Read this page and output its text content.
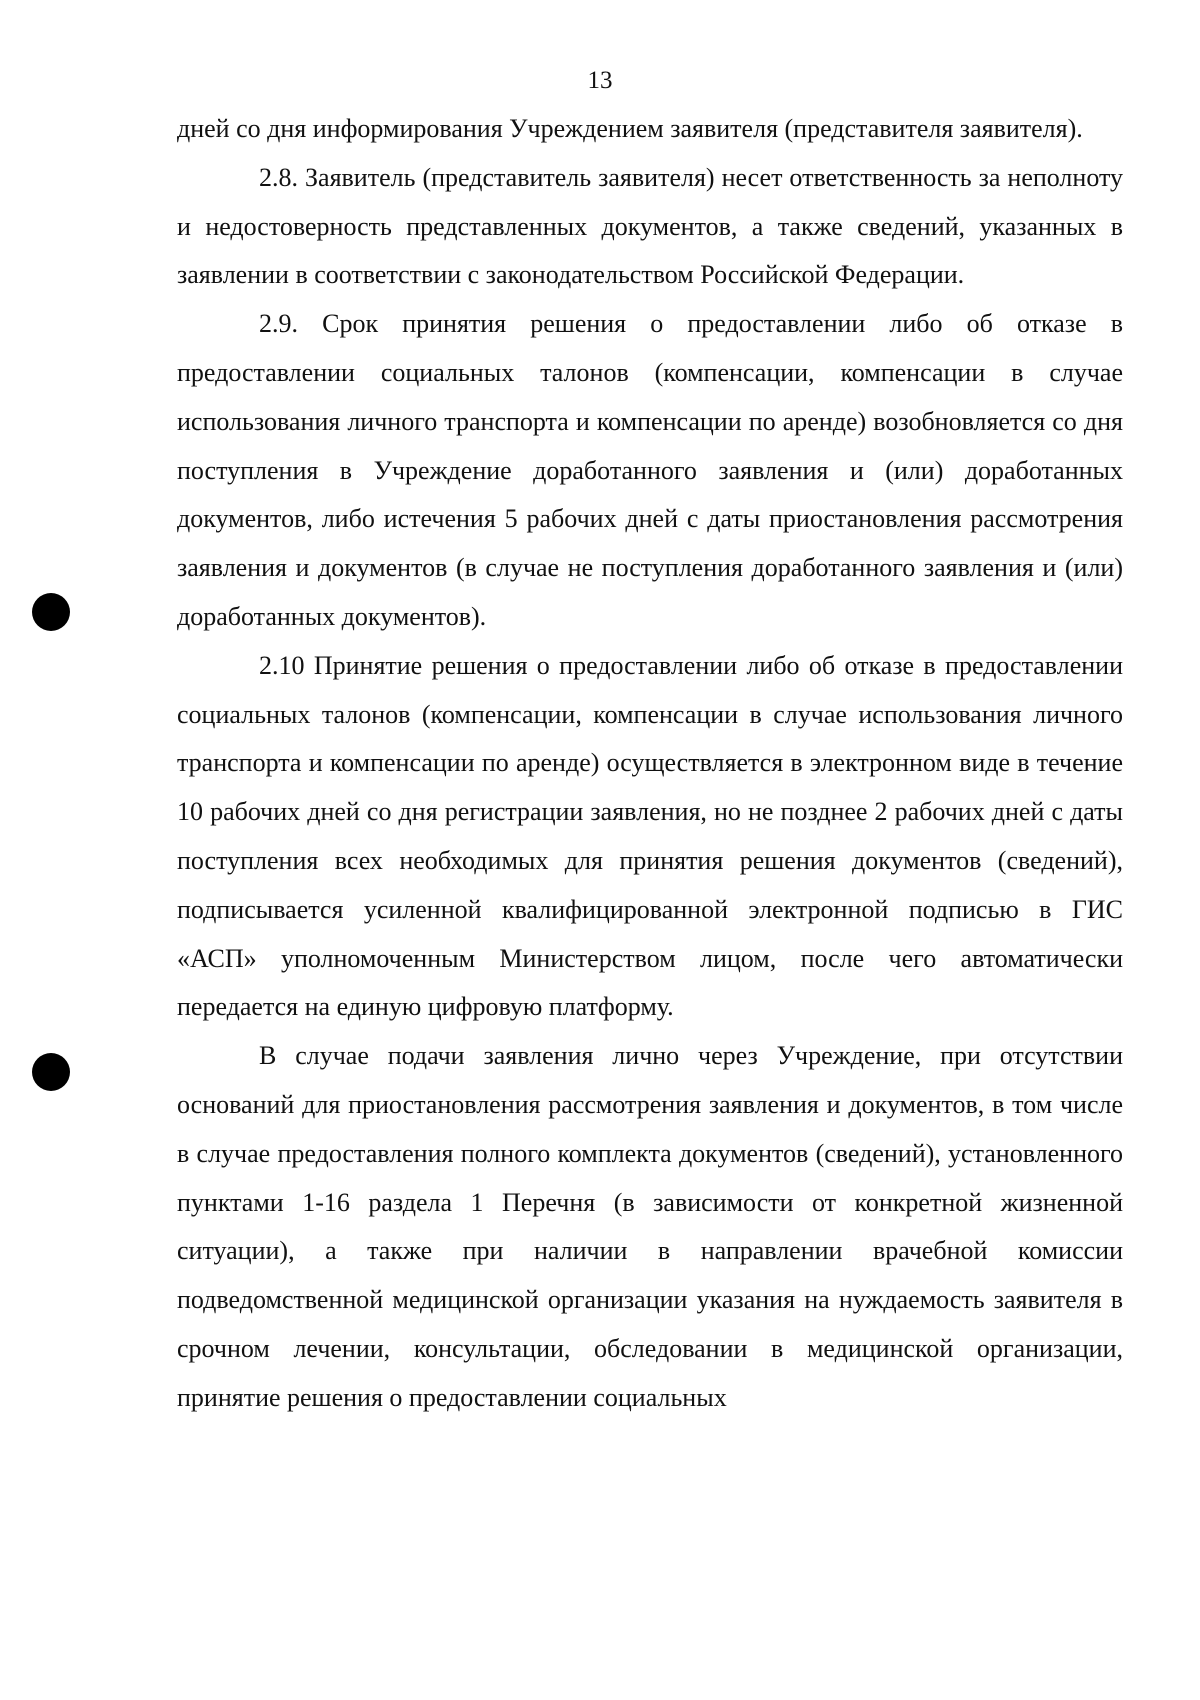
13

дней со дня информирования Учреждением заявителя (представителя заявителя).

2.8. Заявитель (представитель заявителя) несет ответственность за неполноту и недостоверность представленных документов, а также сведений, указанных в заявлении в соответствии с законодательством Российской Федерации.

2.9. Срок принятия решения о предоставлении либо об отказе в предоставлении социальных талонов (компенсации, компенсации в случае использования личного транспорта и компенсации по аренде) возобновляется со дня поступления в Учреждение доработанного заявления и (или) доработанных документов, либо истечения 5 рабочих дней с даты приостановления рассмотрения заявления и документов (в случае не поступления доработанного заявления и (или) доработанных документов).

2.10 Принятие решения о предоставлении либо об отказе в предоставлении социальных талонов (компенсации, компенсации в случае использования личного транспорта и компенсации по аренде) осуществляется в электронном виде в течение 10 рабочих дней со дня регистрации заявления, но не позднее 2 рабочих дней с даты поступления всех необходимых для принятия решения документов (сведений), подписывается усиленной квалифицированной электронной подписью в ГИС «АСП» уполномоченным Министерством лицом, после чего автоматически передается на единую цифровую платформу.

В случае подачи заявления лично через Учреждение, при отсутствии оснований для приостановления рассмотрения заявления и документов, в том числе в случае предоставления полного комплекта документов (сведений), установленного пунктами 1-16 раздела 1 Перечня (в зависимости от конкретной жизненной ситуации), а также при наличии в направлении врачебной комиссии подведомственной медицинской организации указания на нуждаемость заявителя в срочном лечении, консультации, обследовании в медицинской организации, принятие решения о предоставлении социальных
